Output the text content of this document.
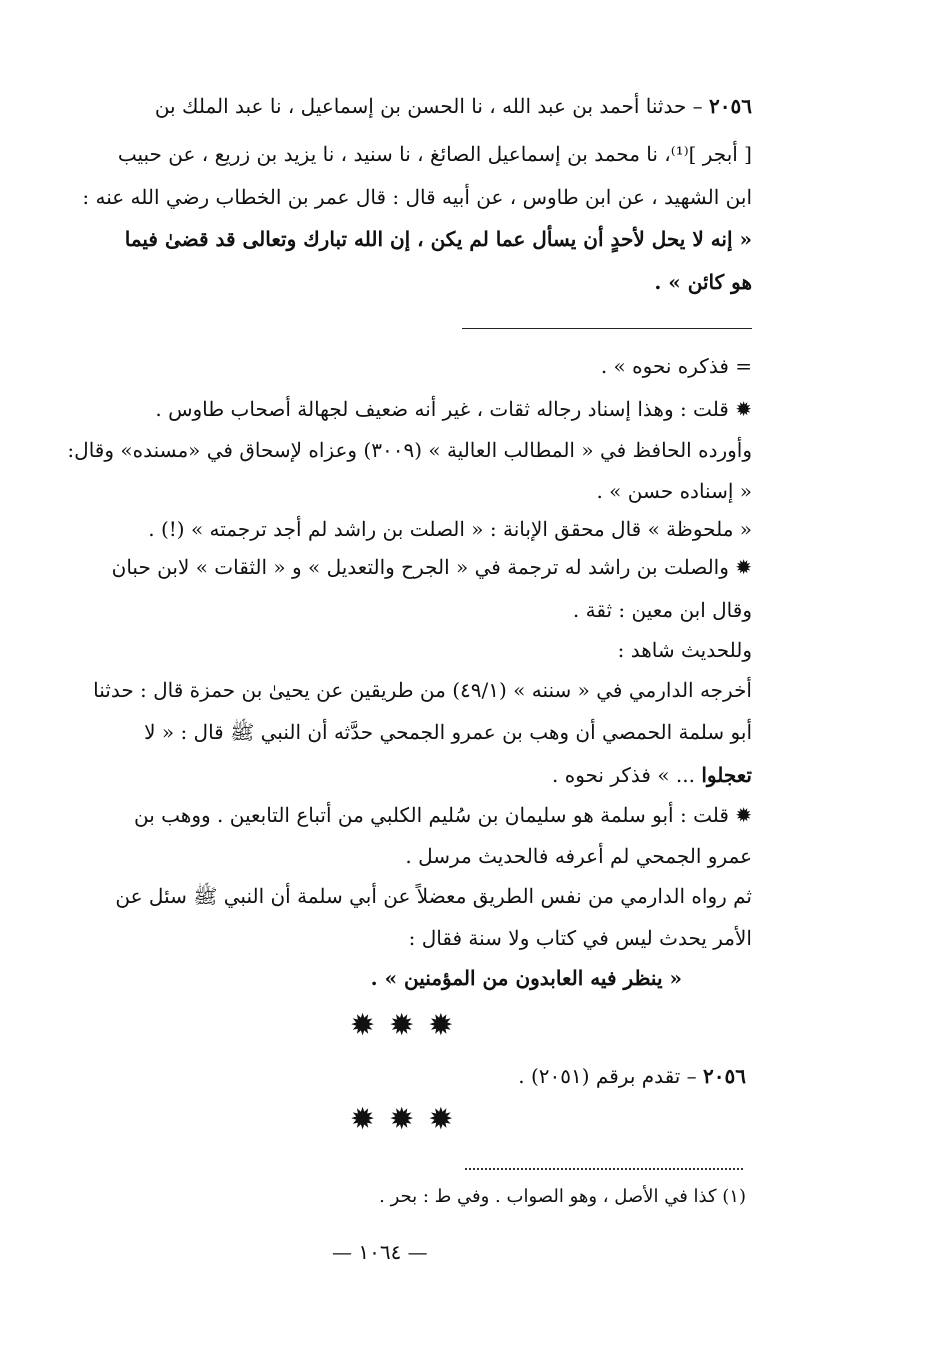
٢٠٥٦ – حدثنا أحمد بن عبد الله ، نا الحسن بن إسماعيل ، نا عبد الملك بن
[ أبجر ]⁽¹⁾، نا محمد بن إسماعيل الصائغ ، نا سنيد ، نا يزيد بن زريع ، عن حبيب
ابن الشهيد ، عن ابن طاوس ، عن أبيه قال : قال عمر بن الخطاب رضي الله عنه :
« إنه لا يحل لأحدٍ أن يسأل عما لم يكن ، إن الله تبارك وتعالى قد قضىٰ فيما
هو كائن » .
= فذكره نحوه » .
✹ قلت : وهذا إسناد رجاله ثقات ، غير أنه ضعيف لجهالة أصحاب طاوس .
وأورده الحافظ في « المطالب العالية » (٣٠٠٩) وعزاه لإسحاق في «مسنده» وقال:
« إسناده حسن » .
« ملحوظة » قال محقق الإبانة : « الصلت بن راشد لم أجد ترجمته » (!) .
✹ والصلت بن راشد له ترجمة في « الجرح والتعديل » و « الثقات » لابن حبان
وقال ابن معين : ثقة .
وللحديث شاهد :
أخرجه الدارمي في « سننه » (٤٩/١) من طريقين عن يحيىٰ بن حمزة قال : حدثنا
أبو سلمة الحمصي أن وهب بن عمرو الجمحي حدَّثه أن النبي ﷺ قال : « لا
تعجلوا ... » فذكر نحوه .
✹ قلت : أبو سلمة هو سليمان بن سُليم الكلبي من أتباع التابعين . ووهب بن
عمرو الجمحي لم أعرفه فالحديث مرسل .
ثم رواه الدارمي من نفس الطريق معضلاً عن أبي سلمة أن النبي ﷺ سئل عن
الأمر يحدث ليس في كتاب ولا سنة فقال :
« ينظر فيه العابدون من المؤمنين » .
✹✹✹
٢٠٥٦ – تقدم برقم (٢٠٥١) .
✹✹✹
(١) كذا في الأصل ، وهو الصواب . وفي ط : بحر .
— ١٠٦٤ —
